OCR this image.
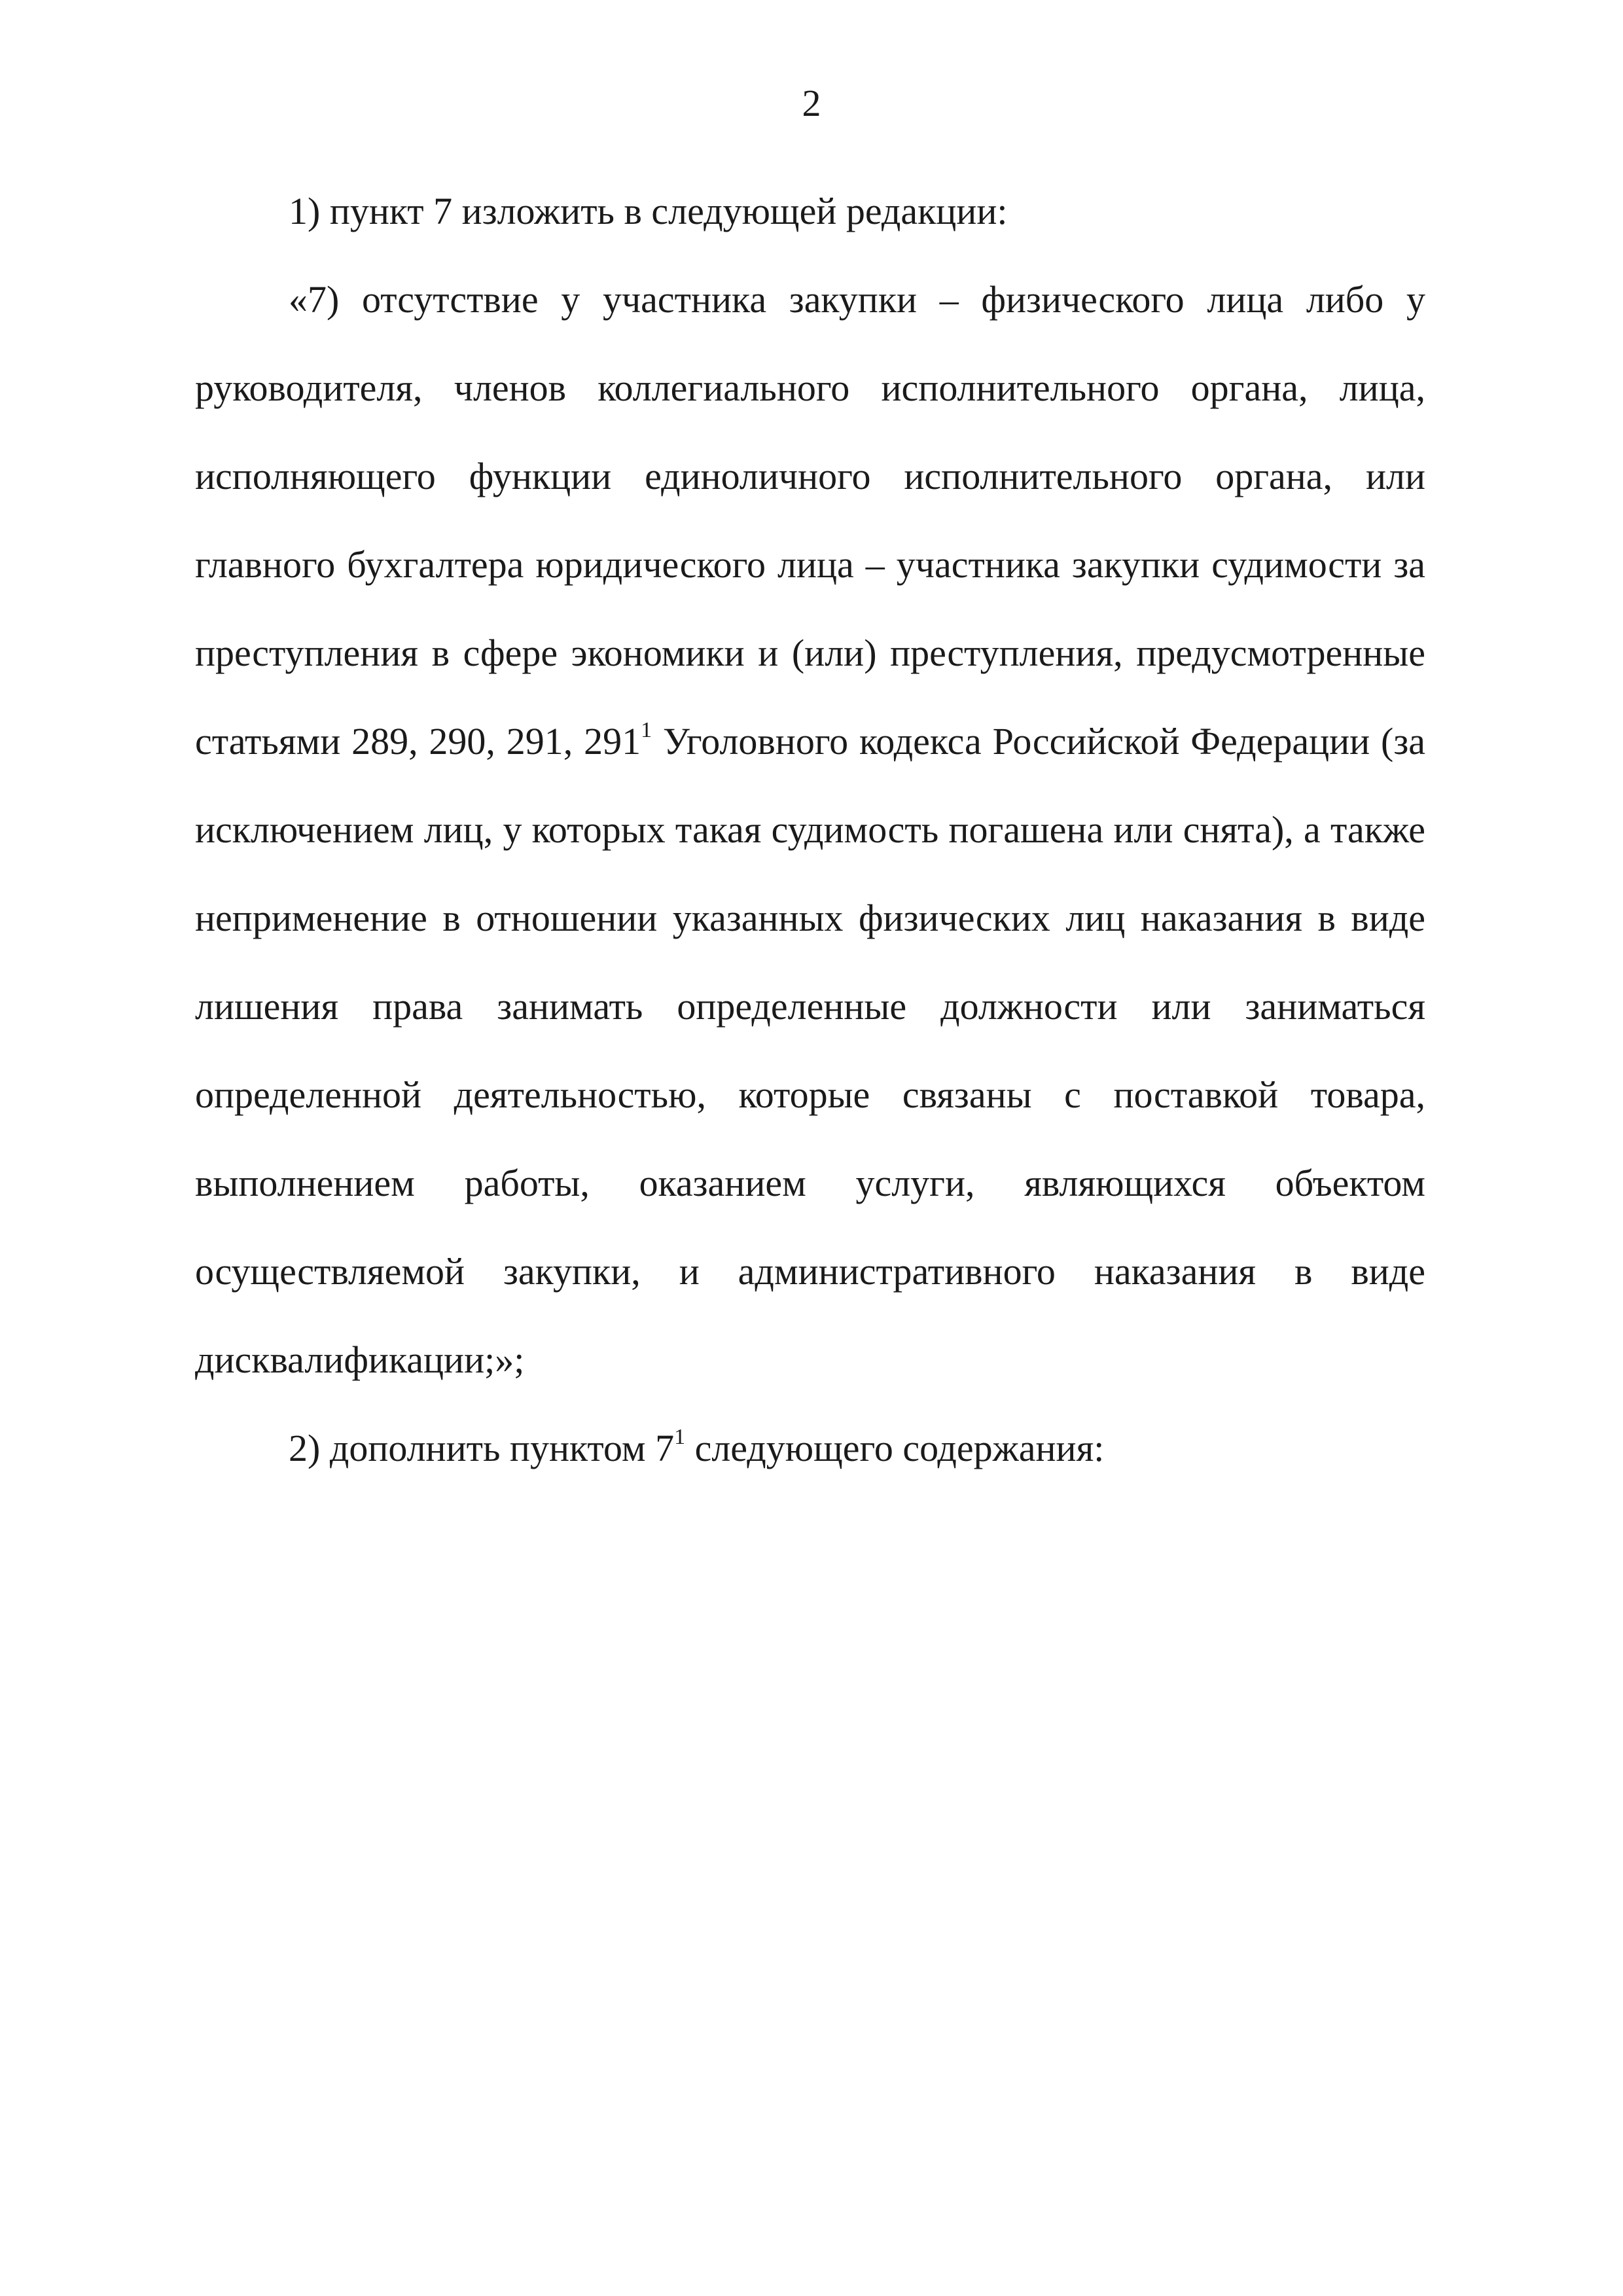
2

1) пункт 7 изложить в следующей редакции:

«7) отсутствие у участника закупки – физического лица либо у руководителя, членов коллегиального исполнительного органа, лица, исполняющего функции единоличного исполнительного органа, или главного бухгалтера юридического лица – участника закупки судимости за преступления в сфере экономики и (или) преступления, предусмотренные статьями 289, 290, 291, $291^1$ Уголовного кодекса Российской Федерации (за исключением лиц, у которых такая судимость погашена или снята), а также неприменение в отношении указанных физических лиц наказания в виде лишения права занимать определенные должности или заниматься определенной деятельностью, которые связаны с поставкой товара, выполнением работы, оказанием услуги, являющихся объектом осуществляемой закупки, и административного наказания в виде дисквалификации;»;

2) дополнить пунктом $7^1$ следующего содержания:
